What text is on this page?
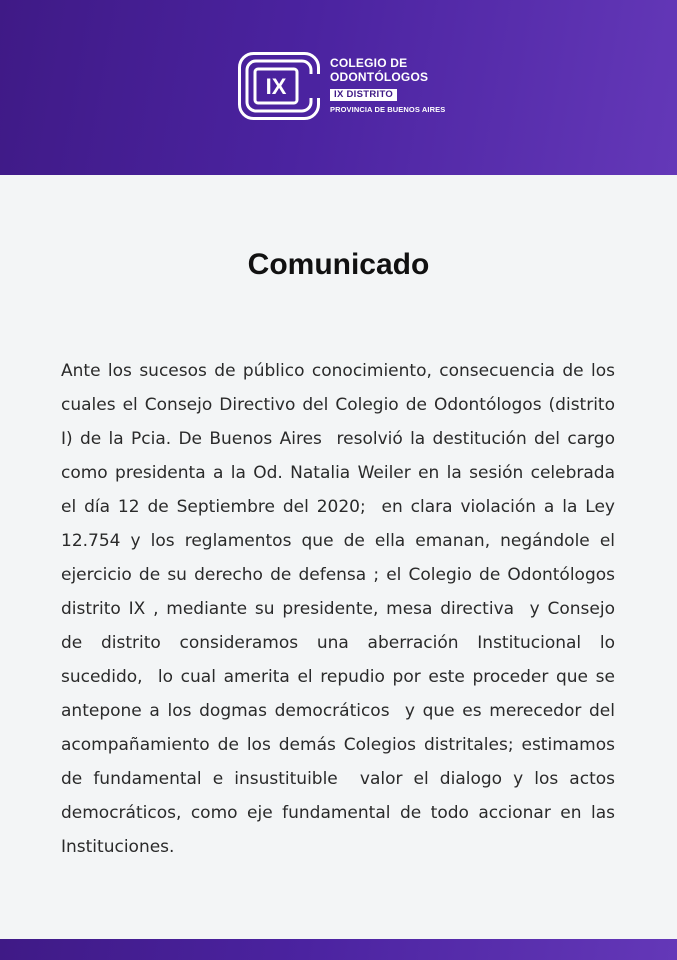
IX
COLEGIO DE
ODONTÓLOGOS
IX DISTRITO
PROVINCIA DE BUENOS AIRES
Comunicado

Ante los sucesos de público conocimiento, consecuencia de los cuales el Consejo Directivo del Colegio de Odontólogos (distrito I) de la Pcia. De Buenos Aires  resolvió la destitución del cargo como presidenta a la Od. Natalia Weiler en la sesión celebrada el día 12 de Septiembre del 2020;  en clara violación a la Ley 12.754 y los reglamentos que de ella emanan, negándole el ejercicio de su derecho de defensa ; el Colegio de Odontólogos distrito IX , mediante su presidente, mesa directiva  y Consejo de distrito consideramos una aberración Institucional lo sucedido,  lo cual amerita el repudio por este proceder que se antepone a los dogmas democráticos  y que es merecedor del acompañamiento de los demás Colegios distritales; estimamos de fundamental e insustituible  valor el dialogo y los actos democráticos, como eje fundamental de todo accionar en las Instituciones.
